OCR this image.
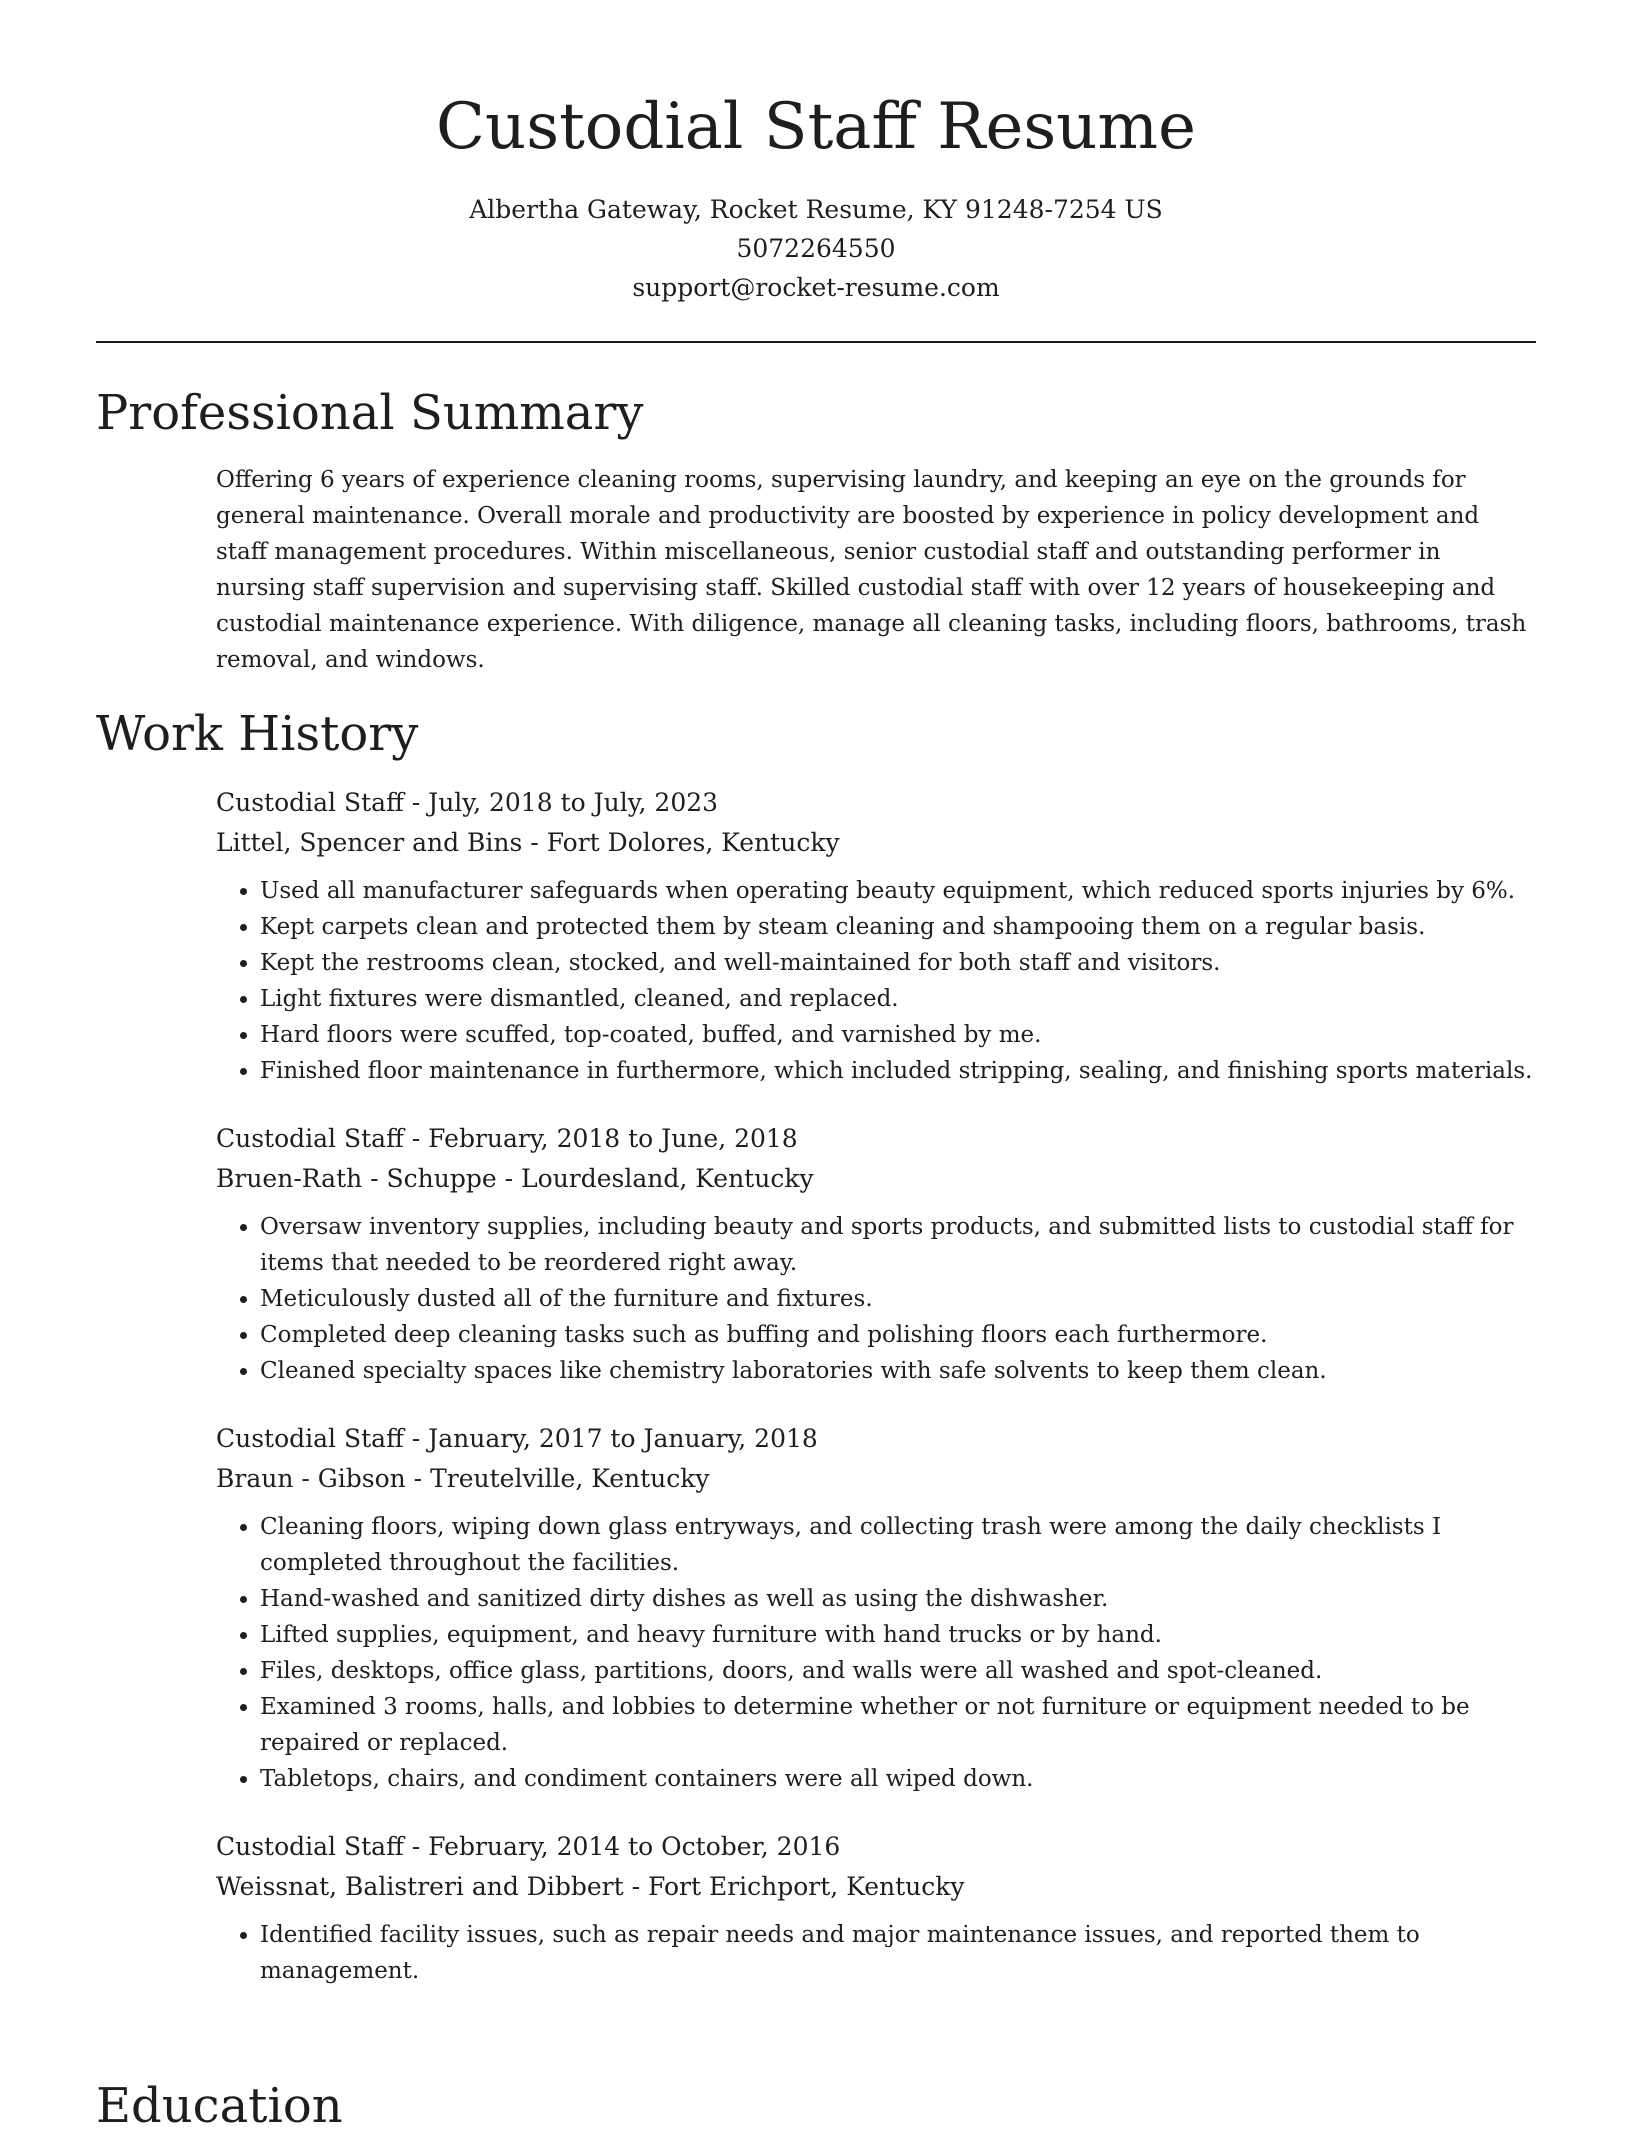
Custodial Staff Resume
Albertha Gateway, Rocket Resume, KY 91248-7254 US
5072264550
support@rocket-resume.com
Professional Summary

Offering 6 years of experience cleaning rooms, supervising laundry, and keeping an eye on the grounds for general maintenance. Overall morale and productivity are boosted by experience in policy development and staff management procedures. Within miscellaneous, senior custodial staff and outstanding performer in nursing staff supervision and supervising staff. Skilled custodial staff with over 12 years of housekeeping and custodial maintenance experience. With diligence, manage all cleaning tasks, including floors, bathrooms, trash removal, and windows.

Work History
Custodial Staff - July, 2018 to July, 2023
Littel, Spencer and Bins - Fort Dolores, Kentucky
• Used all manufacturer safeguards when operating beauty equipment, which reduced sports injuries by 6%.
• Kept carpets clean and protected them by steam cleaning and shampooing them on a regular basis.
• Kept the restrooms clean, stocked, and well-maintained for both staff and visitors.
• Light fixtures were dismantled, cleaned, and replaced.
• Hard floors were scuffed, top-coated, buffed, and varnished by me.
• Finished floor maintenance in furthermore, which included stripping, sealing, and finishing sports materials.
Custodial Staff - February, 2018 to June, 2018
Bruen-Rath - Schuppe - Lourdesland, Kentucky
• Oversaw inventory supplies, including beauty and sports products, and submitted lists to custodial staff for items that needed to be reordered right away.
• Meticulously dusted all of the furniture and fixtures.
• Completed deep cleaning tasks such as buffing and polishing floors each furthermore.
• Cleaned specialty spaces like chemistry laboratories with safe solvents to keep them clean.
Custodial Staff - January, 2017 to January, 2018
Braun - Gibson - Treutelville, Kentucky
• Cleaning floors, wiping down glass entryways, and collecting trash were among the daily checklists I completed throughout the facilities.
• Hand-washed and sanitized dirty dishes as well as using the dishwasher.
• Lifted supplies, equipment, and heavy furniture with hand trucks or by hand.
• Files, desktops, office glass, partitions, doors, and walls were all washed and spot-cleaned.
• Examined 3 rooms, halls, and lobbies to determine whether or not furniture or equipment needed to be repaired or replaced.
• Tabletops, chairs, and condiment containers were all wiped down.
Custodial Staff - February, 2014 to October, 2016
Weissnat, Balistreri and Dibbert - Fort Erichport, Kentucky
• Identified facility issues, such as repair needs and major maintenance issues, and reported them to management.
Education
